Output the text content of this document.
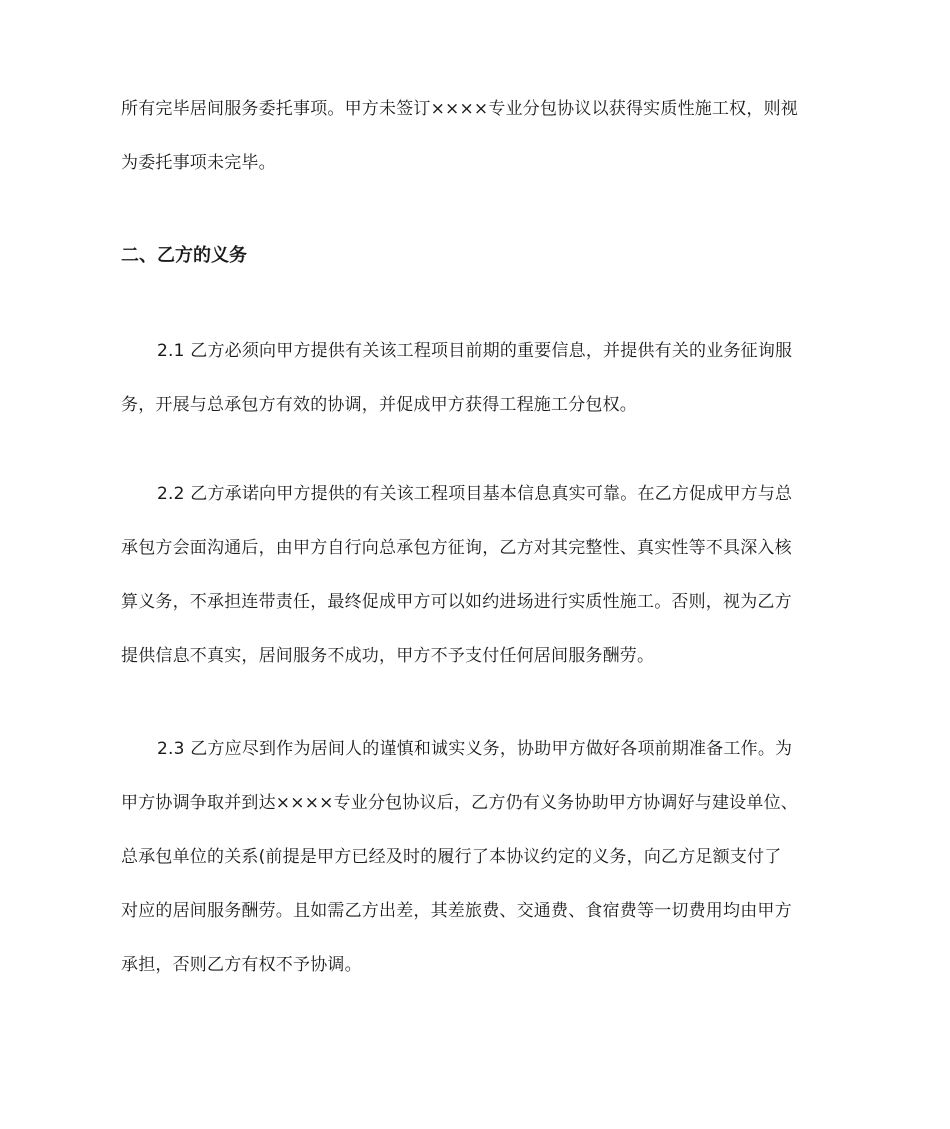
所有完毕居间服务委托事项。甲方未签订××××专业分包协议以获得实质性施工权，则视
为委托事项未完毕。

二、乙方的义务

2.1 乙方必须向甲方提供有关该工程项目前期的重要信息，并提供有关的业务征询服
务，开展与总承包方有效的协调，并促成甲方获得工程施工分包权。

2.2 乙方承诺向甲方提供的有关该工程项目基本信息真实可靠。在乙方促成甲方与总
承包方会面沟通后，由甲方自行向总承包方征询，乙方对其完整性、真实性等不具深入核
算义务，不承担连带责任，最终促成甲方可以如约进场进行实质性施工。否则，视为乙方
提供信息不真实，居间服务不成功，甲方不予支付任何居间服务酬劳。

2.3 乙方应尽到作为居间人的谨慎和诚实义务，协助甲方做好各项前期准备工作。为
甲方协调争取并到达××××专业分包协议后，乙方仍有义务协助甲方协调好与建设单位、
总承包单位的关系(前提是甲方已经及时的履行了本协议约定的义务，向乙方足额支付了
对应的居间服务酬劳。且如需乙方出差，其差旅费、交通费、食宿费等一切费用均由甲方
承担，否则乙方有权不予协调。
